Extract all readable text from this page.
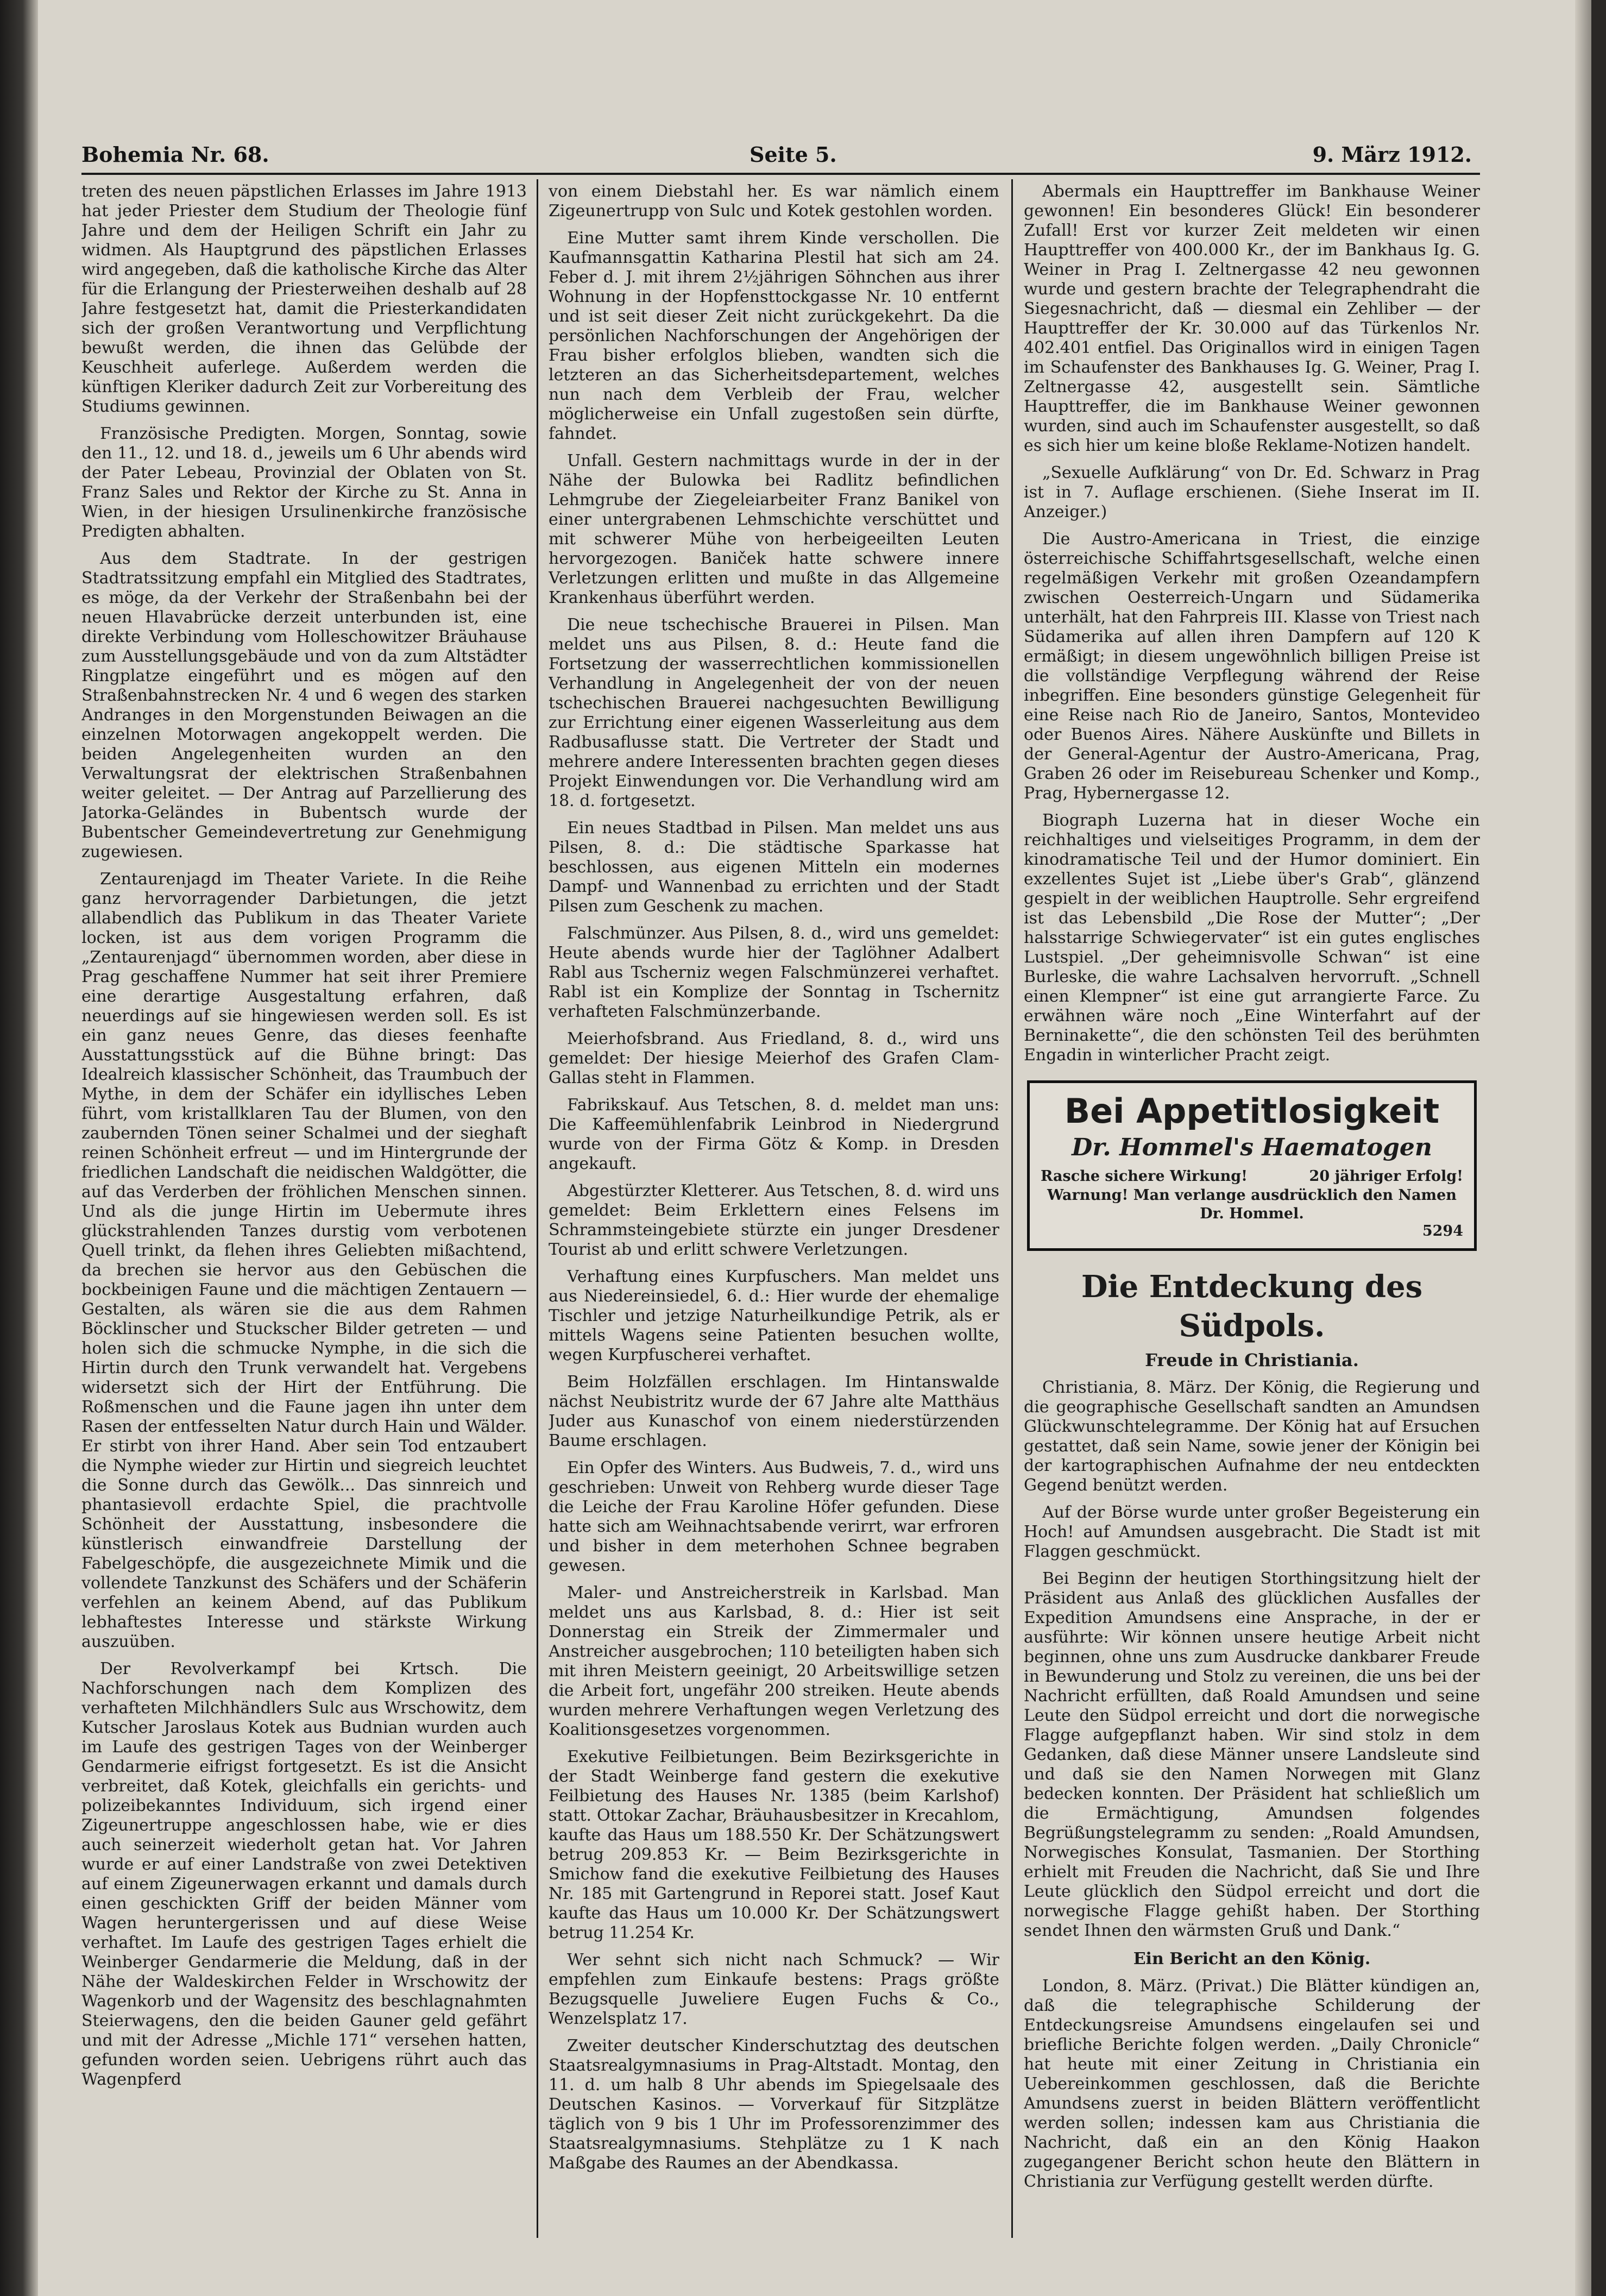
Bohemia Nr. 68.	Seite 5.	9. März 1912.

treten des neuen päpstlichen Erlasses im Jahre 1913 hat jeder Priester dem Studium der Theologie fünf Jahre und dem der Heiligen Schrift ein Jahr zu widmen. Als Hauptgrund des päpstlichen Erlasses wird angegeben, daß die katholische Kirche das Alter für die Erlangung der Priesterweihen deshalb auf 28 Jahre festgesetzt hat, damit die Priesterkandidaten sich der großen Verantwortung und Verpflichtung bewußt werden, die ihnen das Gelübde der Keuschheit auferlege. Außerdem werden die künftigen Kleriker dadurch Zeit zur Vorbereitung des Studiums gewinnen.

Französische Predigten. Morgen, Sonntag, sowie den 11., 12. und 18. d., jeweils um 6 Uhr abends wird der Pater Lebeau, Provinzial der Oblaten von St. Franz Sales und Rektor der Kirche zu St. Anna in Wien, in der hiesigen Ursulinenkirche französische Predigten abhalten.

Aus dem Stadtrate. In der gestrigen Stadtratssitzung empfahl ein Mitglied des Stadtrates, es möge, da der Verkehr der Straßenbahn bei der neuen Hlavabrücke derzeit unterbunden ist, eine direkte Verbindung vom Holleschowitzer Bräuhause zum Ausstellungsgebäude und von da zum Altstädter Ringplatze eingeführt und es mögen auf den Straßenbahnstrecken Nr. 4 und 6 wegen des starken Andranges in den Morgenstunden Beiwagen an die einzelnen Motorwagen angekoppelt werden. Die beiden Angelegenheiten wurden an den Verwaltungsrat der elektrischen Straßenbahnen weiter geleitet. — Der Antrag auf Parzellierung des Jatorka-Geländes in Bubentsch wurde der Bubentscher Gemeindevertretung zur Genehmigung zugewiesen.

Zentaurenjagd im Theater Variete. In die Reihe ganz hervorragender Darbietungen, die jetzt allabendlich das Publikum in das Theater Variete locken, ist aus dem vorigen Programm die „Zentaurenjagd“ übernommen worden, aber diese in Prag geschaffene Nummer hat seit ihrer Premiere eine derartige Ausgestaltung erfahren, daß neuerdings auf sie hingewiesen werden soll. Es ist ein ganz neues Genre, das dieses feenhafte Ausstattungsstück auf die Bühne bringt: Das Idealreich klassischer Schönheit, das Traumbuch der Mythe, in dem der Schäfer ein idyllisches Leben führt, vom kristallklaren Tau der Blumen, von den zaubernden Tönen seiner Schalmei und der sieghaft reinen Schönheit erfreut — und im Hintergrunde der friedlichen Landschaft die neidischen Waldgötter, die auf das Verderben der fröhlichen Menschen sinnen. Und als die junge Hirtin im Uebermute ihres glückstrahlenden Tanzes durstig vom verbotenen Quell trinkt, da flehen ihres Geliebten mißachtend, da brechen sie hervor aus den Gebüschen die bockbeinigen Faune und die mächtigen Zentauern — Gestalten, als wären sie die aus dem Rahmen Böcklinscher und Stuckscher Bilder getreten — und holen sich die schmucke Nymphe, in die sich die Hirtin durch den Trunk verwandelt hat. Vergebens widersetzt sich der Hirt der Entführung. Die Roßmenschen und die Faune jagen ihn unter dem Rasen der entfesselten Natur durch Hain und Wälder. Er stirbt von ihrer Hand. Aber sein Tod entzaubert die Nymphe wieder zur Hirtin und siegreich leuchtet die Sonne durch das Gewölk... Das sinnreich und phantasievoll erdachte Spiel, die prachtvolle Schönheit der Ausstattung, insbesondere die künstlerisch einwandfreie Darstellung der Fabelgeschöpfe, die ausgezeichnete Mimik und die vollendete Tanzkunst des Schäfers und der Schäferin verfehlen an keinem Abend, auf das Publikum lebhaftestes Interesse und stärkste Wirkung auszuüben.

Der Revolverkampf bei Krtsch. Die Nachforschungen nach dem Komplizen des verhafteten Milchhändlers Sulc aus Wrschowitz, dem Kutscher Jaroslaus Kotek aus Budnian wurden auch im Laufe des gestrigen Tages von der Weinberger Gendarmerie eifrigst fortgesetzt. Es ist die Ansicht verbreitet, daß Kotek, gleichfalls ein gerichts- und polizeibekanntes Individuum, sich irgend einer Zigeunertruppe angeschlossen habe, wie er dies auch seinerzeit wiederholt getan hat. Vor Jahren wurde er auf einer Landstraße von zwei Detektiven auf einem Zigeunerwagen erkannt und damals durch einen geschickten Griff der beiden Männer vom Wagen heruntergerissen und auf diese Weise verhaftet. Im Laufe des gestrigen Tages erhielt die Weinberger Gendarmerie die Meldung, daß in der Nähe der Waldeskirchen Felder in Wrschowitz der Wagenkorb und der Wagensitz des beschlagnahmten Steierwagens, den die beiden Gauner geld gefährt und mit der Adresse „Michle 171“ versehen hatten, gefunden worden seien. Uebrigens rührt auch das Wagenpferd

von einem Diebstahl her. Es war nämlich einem Zigeunertrupp von Sulc und Kotek gestohlen worden.

Eine Mutter samt ihrem Kinde verschollen. Die Kaufmannsgattin Katharina Plestil hat sich am 24. Feber d. J. mit ihrem 2½jährigen Söhnchen aus ihrer Wohnung in der Hopfensttockgasse Nr. 10 entfernt und ist seit dieser Zeit nicht zurückgekehrt. Da die persönlichen Nachforschungen der Angehörigen der Frau bisher erfolglos blieben, wandten sich die letzteren an das Sicherheitsdepartement, welches nun nach dem Verbleib der Frau, welcher möglicherweise ein Unfall zugestoßen sein dürfte, fahndet.

Unfall. Gestern nachmittags wurde in der in der Nähe der Bulowka bei Radlitz befindlichen Lehmgrube der Ziegeleiarbeiter Franz Banikel von einer untergrabenen Lehmschichte verschüttet und mit schwerer Mühe von herbeigeeilten Leuten hervorgezogen. Baniček hatte schwere innere Verletzungen erlitten und mußte in das Allgemeine Krankenhaus überführt werden.

Die neue tschechische Brauerei in Pilsen. Man meldet uns aus Pilsen, 8. d.: Heute fand die Fortsetzung der wasserrechtlichen kommissionellen Verhandlung in Angelegenheit der von der neuen tschechischen Brauerei nachgesuchten Bewilligung zur Errichtung einer eigenen Wasserleitung aus dem Radbusaflusse statt. Die Vertreter der Stadt und mehrere andere Interessenten brachten gegen dieses Projekt Einwendungen vor. Die Verhandlung wird am 18. d. fortgesetzt.

Ein neues Stadtbad in Pilsen. Man meldet uns aus Pilsen, 8. d.: Die städtische Sparkasse hat beschlossen, aus eigenen Mitteln ein modernes Dampf- und Wannenbad zu errichten und der Stadt Pilsen zum Geschenk zu machen.

Falschmünzer. Aus Pilsen, 8. d., wird uns gemeldet: Heute abends wurde hier der Taglöhner Adalbert Rabl aus Tscherniz wegen Falschmünzerei verhaftet. Rabl ist ein Komplize der Sonntag in Tschernitz verhafteten Falschmünzerbande.

Meierhofsbrand. Aus Friedland, 8. d., wird uns gemeldet: Der hiesige Meierhof des Grafen Clam-Gallas steht in Flammen.

Fabrikskauf. Aus Tetschen, 8. d. meldet man uns: Die Kaffeemühlenfabrik Leinbrod in Niedergrund wurde von der Firma Götz & Komp. in Dresden angekauft.

Abgestürzter Kletterer. Aus Tetschen, 8. d. wird uns gemeldet: Beim Erklettern eines Felsens im Schrammsteingebiete stürzte ein junger Dresdener Tourist ab und erlitt schwere Verletzungen.

Verhaftung eines Kurpfuschers. Man meldet uns aus Niedereinsiedel, 6. d.: Hier wurde der ehemalige Tischler und jetzige Naturheilkundige Petrik, als er mittels Wagens seine Patienten besuchen wollte, wegen Kurpfuscherei verhaftet.

Beim Holzfällen erschlagen. Im Hintanswalde nächst Neubistritz wurde der 67 Jahre alte Matthäus Juder aus Kunaschof von einem niederstürzenden Baume erschlagen.

Ein Opfer des Winters. Aus Budweis, 7. d., wird uns geschrieben: Unweit von Rehberg wurde dieser Tage die Leiche der Frau Karoline Höfer gefunden. Diese hatte sich am Weihnachtsabende verirrt, war erfroren und bisher in dem meterhohen Schnee begraben gewesen.

Maler- und Anstreicherstreik in Karlsbad. Man meldet uns aus Karlsbad, 8. d.: Hier ist seit Donnerstag ein Streik der Zimmermaler und Anstreicher ausgebrochen; 110 beteiligten haben sich mit ihren Meistern geeinigt, 20 Arbeitswillige setzen die Arbeit fort, ungefähr 200 streiken. Heute abends wurden mehrere Verhaftungen wegen Verletzung des Koalitionsgesetzes vorgenommen.

Exekutive Feilbietungen. Beim Bezirksgerichte in der Stadt Weinberge fand gestern die exekutive Feilbietung des Hauses Nr. 1385 (beim Karlshof) statt. Ottokar Zachar, Bräuhausbesitzer in Krecahlom, kaufte das Haus um 188.550 Kr. Der Schätzungswert betrug 209.853 Kr. — Beim Bezirksgerichte in Smichow fand die exekutive Feilbietung des Hauses Nr. 185 mit Gartengrund in Reporei statt. Josef Kaut kaufte das Haus um 10.000 Kr. Der Schätzungswert betrug 11.254 Kr.

Wer sehnt sich nicht nach Schmuck? — Wir empfehlen zum Einkaufe bestens: Prags größte Bezugsquelle Juweliere Eugen Fuchs & Co., Wenzelsplatz 17.

Zweiter deutscher Kinderschutztag des deutschen Staatsrealgymnasiums in Prag-Altstadt. Montag, den 11. d. um halb 8 Uhr abends im Spiegelsaale des Deutschen Kasinos. — Vorverkauf für Sitzplätze täglich von 9 bis 1 Uhr im Professorenzimmer des Staatsrealgymnasiums. Stehplätze zu 1 K nach Maßgabe des Raumes an der Abendkassa.

Abermals ein Haupttreffer im Bankhause Weiner gewonnen! Ein besonderes Glück! Ein besonderer Zufall! Erst vor kurzer Zeit meldeten wir einen Haupttreffer von 400.000 Kr., der im Bankhaus Ig. G. Weiner in Prag I. Zeltnergasse 42 neu gewonnen wurde und gestern brachte der Telegraphendraht die Siegesnachricht, daß — diesmal ein Zehliber — der Haupttreffer der Kr. 30.000 auf das Türkenlos Nr. 402.401 entfiel. Das Originallos wird in einigen Tagen im Schaufenster des Bankhauses Ig. G. Weiner, Prag I. Zeltnergasse 42, ausgestellt sein. Sämtliche Haupttreffer, die im Bankhause Weiner gewonnen wurden, sind auch im Schaufenster ausgestellt, so daß es sich hier um keine bloße Reklame-Notizen handelt.

„Sexuelle Aufklärung“ von Dr. Ed. Schwarz in Prag ist in 7. Auflage erschienen. (Siehe Inserat im II. Anzeiger.)

Die Austro-Americana in Triest, die einzige österreichische Schiffahrtsgesellschaft, welche einen regelmäßigen Verkehr mit großen Ozeandampfern zwischen Oesterreich-Ungarn und Südamerika unterhält, hat den Fahrpreis III. Klasse von Triest nach Südamerika auf allen ihren Dampfern auf 120 K ermäßigt; in diesem ungewöhnlich billigen Preise ist die vollständige Verpflegung während der Reise inbegriffen. Eine besonders günstige Gelegenheit für eine Reise nach Rio de Janeiro, Santos, Montevideo oder Buenos Aires. Nähere Auskünfte und Billets in der General-Agentur der Austro-Americana, Prag, Graben 26 oder im Reisebureau Schenker und Komp., Prag, Hybernergasse 12.

Biograph Luzerna hat in dieser Woche ein reichhaltiges und vielseitiges Programm, in dem der kinodramatische Teil und der Humor dominiert. Ein exzellentes Sujet ist „Liebe über's Grab“, glänzend gespielt in der weiblichen Hauptrolle. Sehr ergreifend ist das Lebensbild „Die Rose der Mutter“; „Der halsstarrige Schwiegervater“ ist ein gutes englisches Lustspiel. „Der geheimnisvolle Schwan“ ist eine Burleske, die wahre Lachsalven hervorruft. „Schnell einen Klempner“ ist eine gut arrangierte Farce. Zu erwähnen wäre noch „Eine Winterfahrt auf der Berninakette“, die den schönsten Teil des berühmten Engadin in winterlicher Pracht zeigt.

Bei Appetitlosigkeit
Dr. Hommel's Haematogen
Rasche sichere Wirkung!	20 jähriger Erfolg!
Warnung! Man verlange ausdrücklich den Namen Dr. Hommel.
5294
Die Entdeckung des Südpols.
Freude in Christiania.

Christiania, 8. März. Der König, die Regierung und die geographische Gesellschaft sandten an Amundsen Glückwunschtelegramme. Der König hat auf Ersuchen gestattet, daß sein Name, sowie jener der Königin bei der kartographischen Aufnahme der neu entdeckten Gegend benützt werden.

Auf der Börse wurde unter großer Begeisterung ein Hoch! auf Amundsen ausgebracht. Die Stadt ist mit Flaggen geschmückt.

Bei Beginn der heutigen Storthingsitzung hielt der Präsident aus Anlaß des glücklichen Ausfalles der Expedition Amundsens eine Ansprache, in der er ausführte: Wir können unsere heutige Arbeit nicht beginnen, ohne uns zum Ausdrucke dankbarer Freude in Bewunderung und Stolz zu vereinen, die uns bei der Nachricht erfüllten, daß Roald Amundsen und seine Leute den Südpol erreicht und dort die norwegische Flagge aufgepflanzt haben. Wir sind stolz in dem Gedanken, daß diese Männer unsere Landsleute sind und daß sie den Namen Norwegen mit Glanz bedecken konnten. Der Präsident hat schließlich um die Ermächtigung, Amundsen folgendes Begrüßungstelegramm zu senden: „Roald Amundsen, Norwegisches Konsulat, Tasmanien. Der Storthing erhielt mit Freuden die Nachricht, daß Sie und Ihre Leute glücklich den Südpol erreicht und dort die norwegische Flagge gehißt haben. Der Storthing sendet Ihnen den wärmsten Gruß und Dank.“

Ein Bericht an den König.

London, 8. März. (Privat.) Die Blätter kündigen an, daß die telegraphische Schilderung der Entdeckungsreise Amundsens eingelaufen sei und briefliche Berichte folgen werden. „Daily Chronicle“ hat heute mit einer Zeitung in Christiania ein Uebereinkommen geschlossen, daß die Berichte Amundsens zuerst in beiden Blättern veröffentlicht werden sollen; indessen kam aus Christiania die Nachricht, daß ein an den König Haakon zugegangener Bericht schon heute den Blättern in Christiania zur Verfügung gestellt werden dürfte.
